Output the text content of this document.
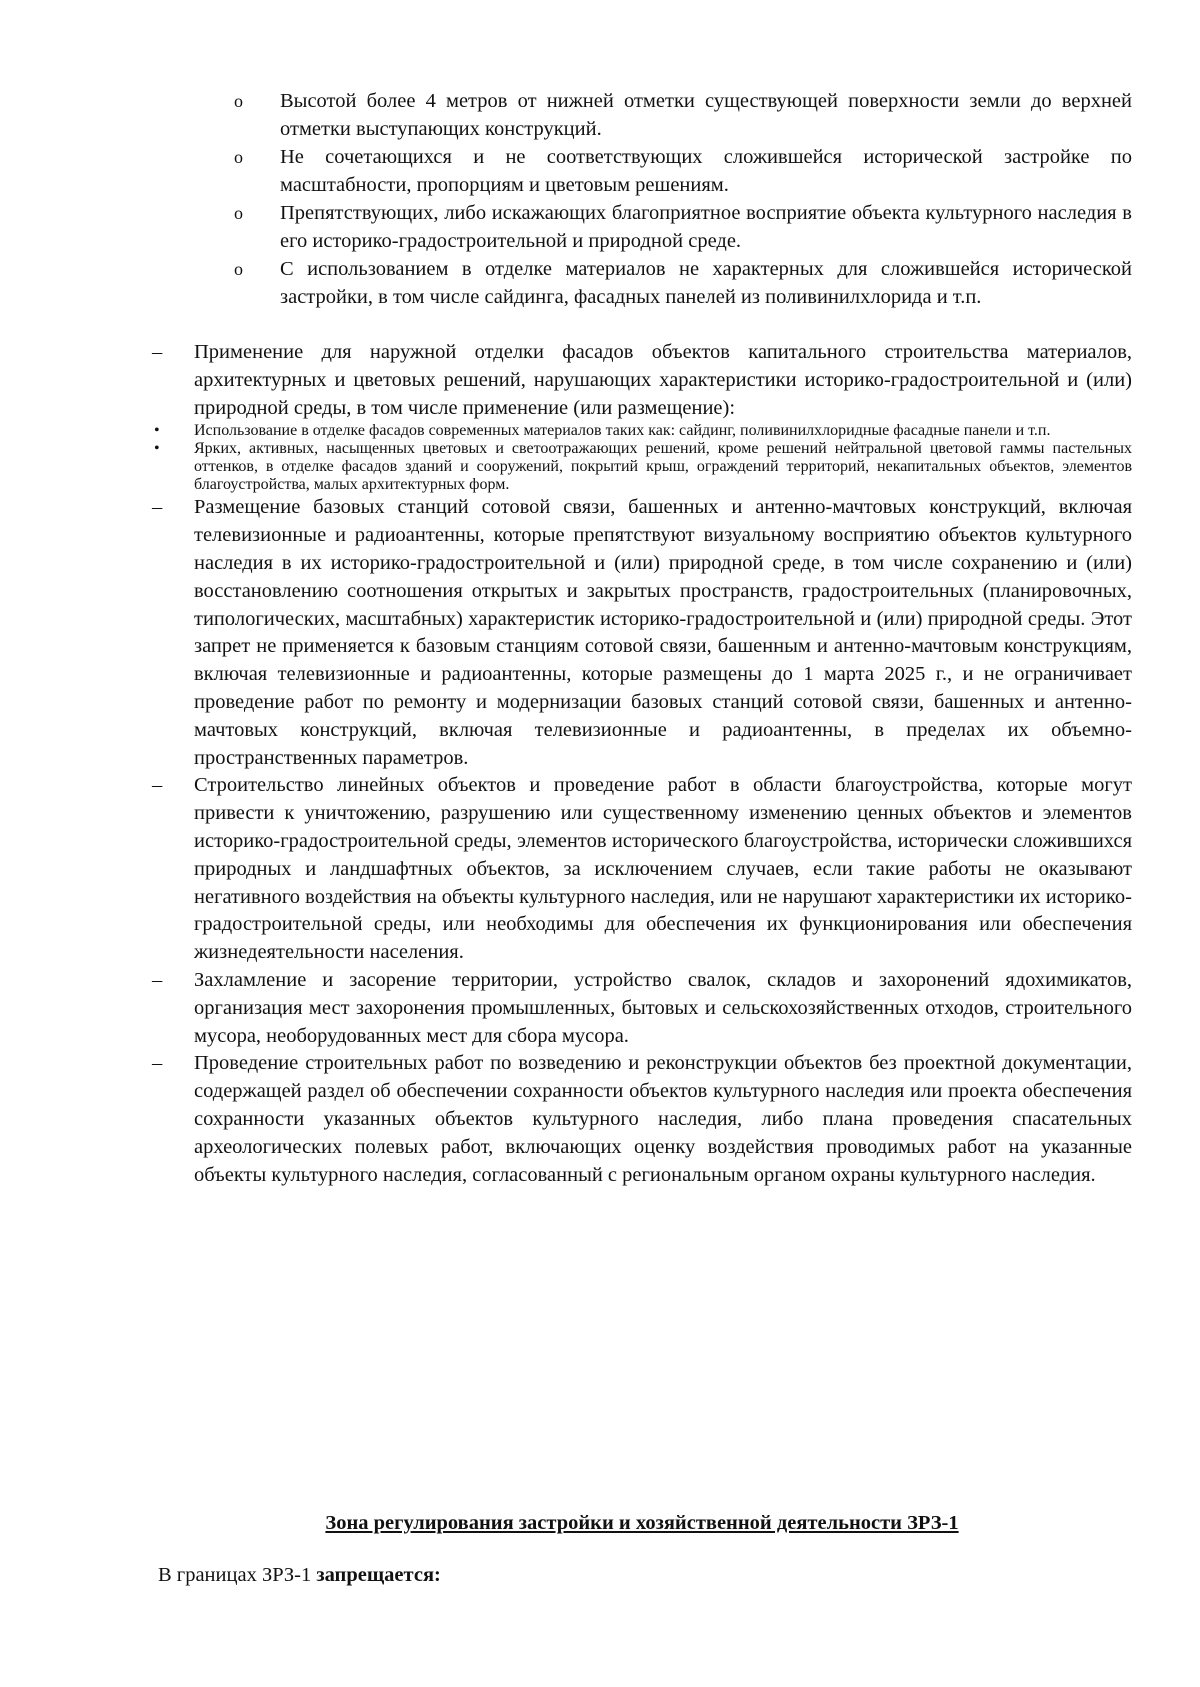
o Высотой более 4 метров от нижней отметки существующей поверхности земли до верхней отметки выступающих конструкций.
o Не сочетающихся и не соответствующих сложившейся исторической застройке по масштабности, пропорциям и цветовым решениям.
o Препятствующих, либо искажающих благоприятное восприятие объекта культурного наследия в его историко-градостроительной и природной среде.
o С использованием в отделке материалов не характерных для сложившейся исторической застройки, в том числе сайдинга, фасадных панелей из поливинилхлорида и т.п.
– Применение для наружной отделки фасадов объектов капитального строительства материалов, архитектурных и цветовых решений, нарушающих характеристики историко-градостроительной и (или) природной среды, в том числе применение (или размещение):
• Использование в отделке фасадов современных материалов таких как: сайдинг, поливинилхлоридные фасадные панели и т.п.
• Ярких, активных, насыщенных цветовых и светоотражающих решений, кроме решений нейтральной цветовой гаммы пастельных оттенков, в отделке фасадов зданий и сооружений, покрытий крыш, ограждений территорий, некапитальных объектов, элементов благоустройства, малых архитектурных форм.
– Размещение базовых станций сотовой связи, башенных и антенно-мачтовых конструкций, включая телевизионные и радиоантенны, которые препятствуют визуальному восприятию объектов культурного наследия в их историко-градостроительной и (или) природной среде, в том числе сохранению и (или) восстановлению соотношения открытых и закрытых пространств, градостроительных (планировочных, типологических, масштабных) характеристик историко-градостроительной и (или) природной среды. Этот запрет не применяется к базовым станциям сотовой связи, башенным и антенно-мачтовым конструкциям, включая телевизионные и радиоантенны, которые размещены до 1 марта 2025 г., и не ограничивает проведение работ по ремонту и модернизации базовых станций сотовой связи, башенных и антенно-мачтовых конструкций, включая телевизионные и радиоантенны, в пределах их объемно-пространственных параметров.
– Строительство линейных объектов и проведение работ в области благоустройства, которые могут привести к уничтожению, разрушению или существенному изменению ценных объектов и элементов историко-градостроительной среды, элементов исторического благоустройства, исторически сложившихся природных и ландшафтных объектов, за исключением случаев, если такие работы не оказывают негативного воздействия на объекты культурного наследия, или не нарушают характеристики их историко-градостроительной среды, или необходимы для обеспечения их функционирования или обеспечения жизнедеятельности населения.
– Захламление и засорение территории, устройство свалок, складов и захоронений ядохимикатов, организация мест захоронения промышленных, бытовых и сельскохозяйственных отходов, строительного мусора, необорудованных мест для сбора мусора.
– Проведение строительных работ по возведению и реконструкции объектов без проектной документации, содержащей раздел об обеспечении сохранности объектов культурного наследия или проекта обеспечения сохранности указанных объектов культурного наследия, либо плана проведения спасательных археологических полевых работ, включающих оценку воздействия проводимых работ на указанные объекты культурного наследия, согласованный с региональным органом охраны культурного наследия.
Зона регулирования застройки и хозяйственной деятельности ЗРЗ-1
В границах ЗРЗ-1 запрещается:
